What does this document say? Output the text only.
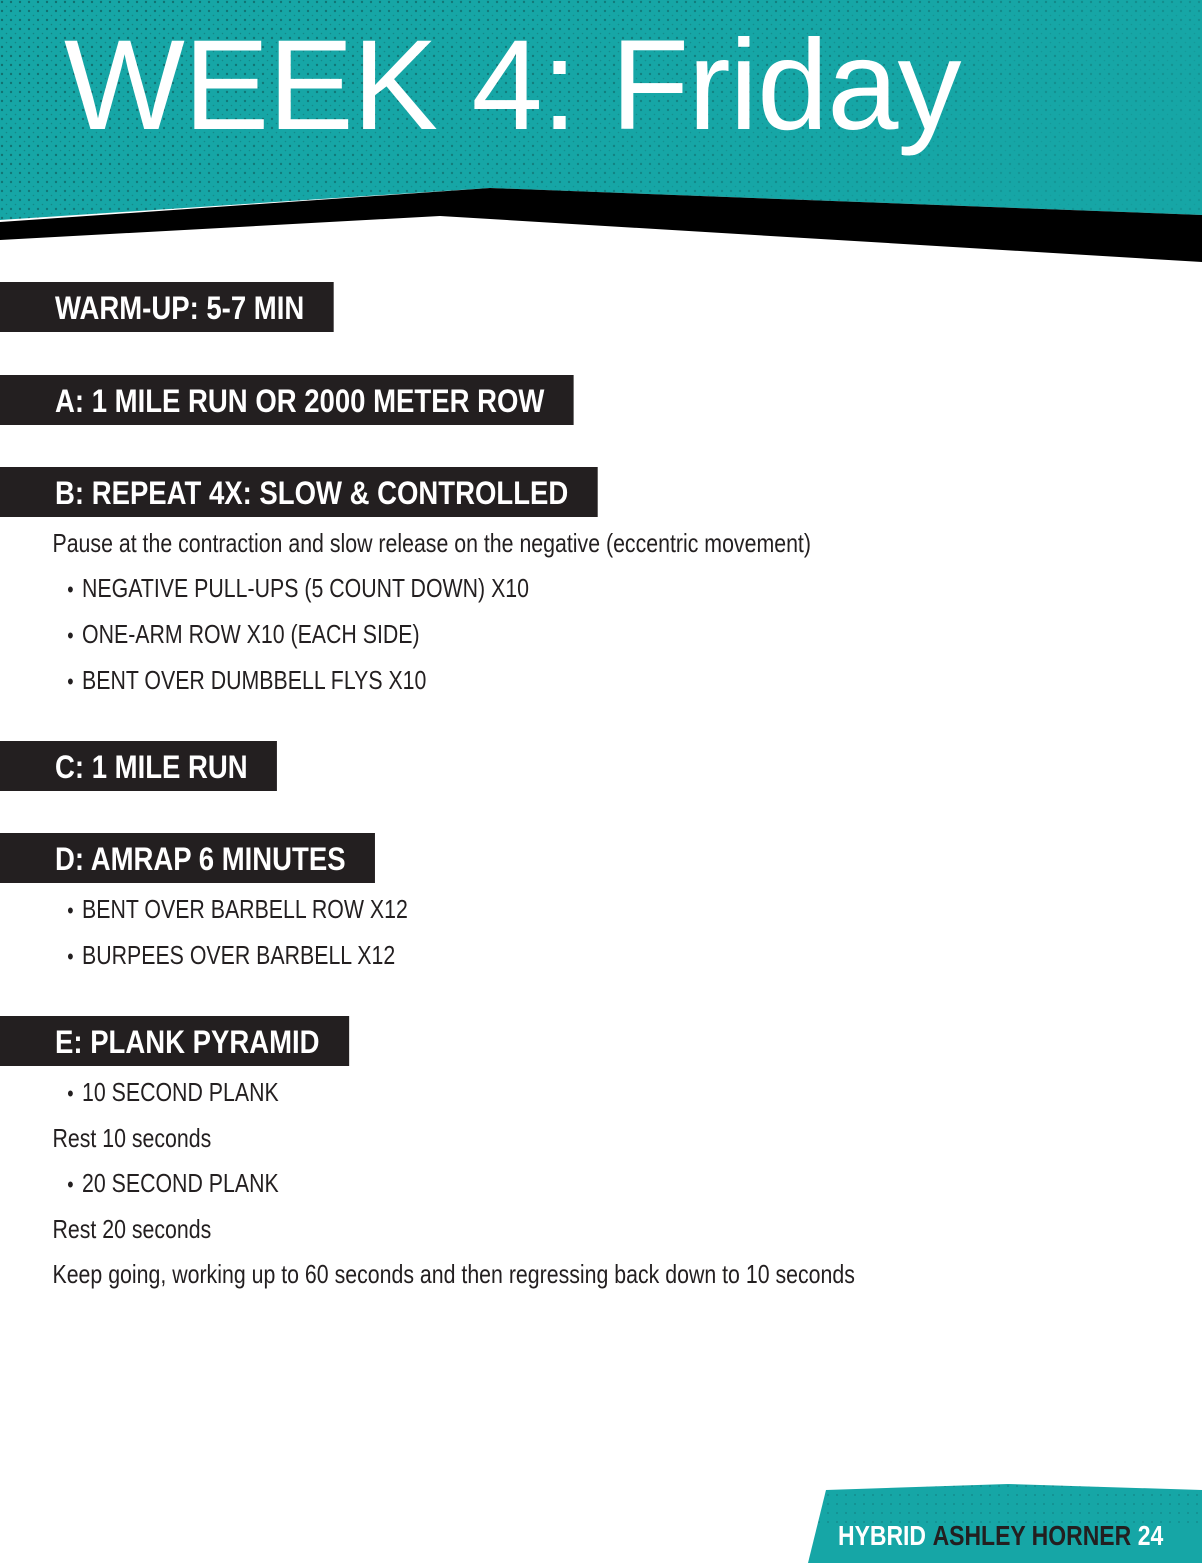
WEEK 4: Friday
WARM-UP: 5-7 MIN
A: 1 MILE RUN OR 2000 METER ROW
B: REPEAT 4X: SLOW & CONTROLLED

Pause at the contraction and slow release on the negative (eccentric movement)

• NEGATIVE PULL-UPS (5 COUNT DOWN) X10
• ONE-ARM ROW X10 (EACH SIDE)
• BENT OVER DUMBBELL FLYS X10
C: 1 MILE RUN
D: AMRAP 6 MINUTES
• BENT OVER BARBELL ROW X12
• BURPEES OVER BARBELL X12
E: PLANK PYRAMID
• 10 SECOND PLANK

Rest 10 seconds

• 20 SECOND PLANK

Rest 20 seconds

Keep going, working up to 60 seconds and then regressing back down to 10 seconds

HYBRID ASHLEY HORNER 24
